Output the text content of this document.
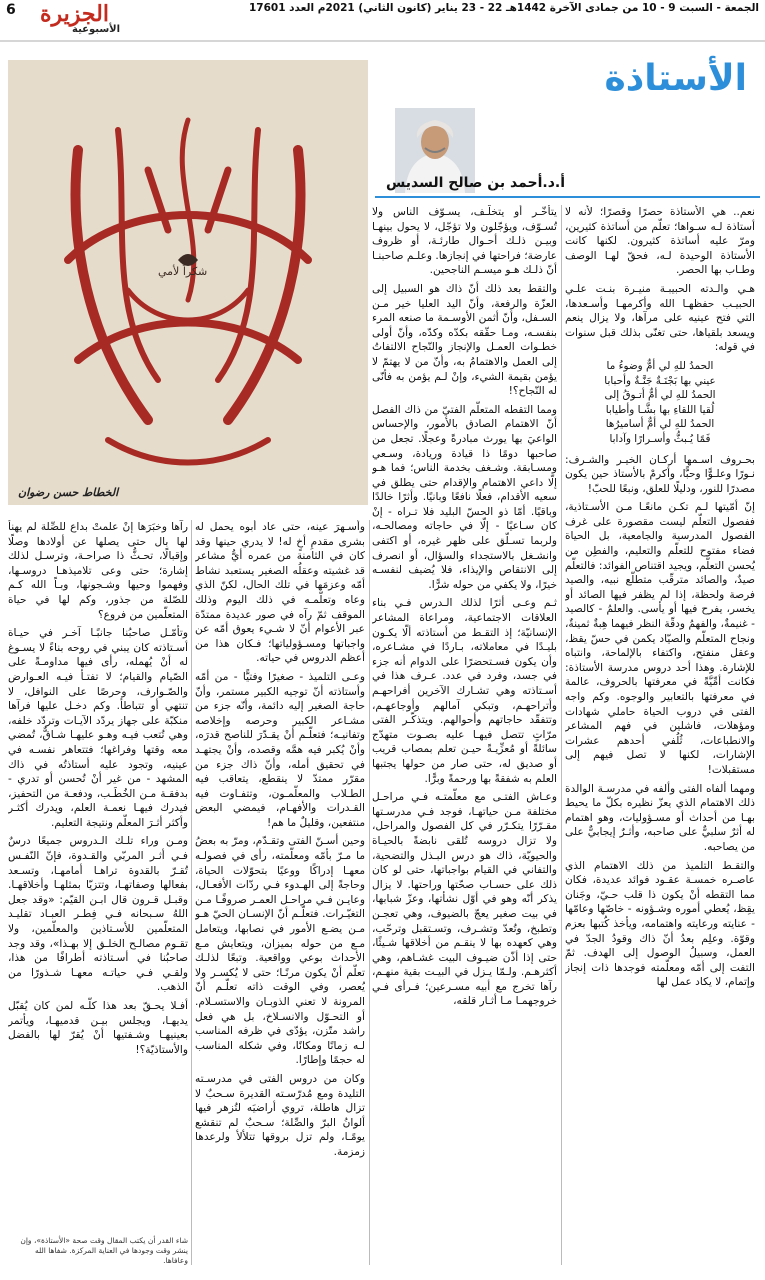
6 الجزيرة
الأسبوعية
الجمعة - السبت 9 - 10 من جمادى الآخرة 1442هـ 22 - 23 يناير (كانون الثاني) 2021م العدد 17601
شكراً لأمي
الخطاط حسن رضوان
الأستاذة
أ.د.أحمد بن صالح السديس

نعم.. هي الأستاذة حصرًا وقصرًا؛ لأنه لا أستاذة لـه سـواها؛ تعلّم من أساتذة كثيرين، ومرّ عليه أساتذة كثيرون. لكنها كانت الأستاذة الوحيدة لـه، فحقّ لهـا الوصف وطـاب بها الحصر.

هـي والـدته الحبيبـة منيـرة بنـت علـي الحبيـب حفظهـا الله وأكرمهـا وأسـعدها، التي فتح عينيه على مرآها، ولا يزال ينعم ويسعد بلقياها، حتى تغنّى بذلك قبل سنوات في قوله:

الحمدُ للهِ لي أمٌّ وضوءُ ما
عيني بها بَجْنَـةٌ جَنَّـةٌ وأحبابا
الحمدُ للهِ لي أمٌّ أتـوقُ إلى
لُقيا اللقاءِ بها بشَّـا وأطيابا
الحمدُ للهِ لي أمٌّ أساميرُها
فَمًا يُـبثُّ وأسـرارًا وآدابا

بحـروف اسـمها أركـان الخيـر والشـرف: نـورًا وعلـوًّا وحبًّا، وأكرمْ بالأستاذ حين يكون مصدرًا للنور، ودليلًا للعلق، ونبعًا للحبّ!

إنّ أمّيتها لـم تكـن مانعًـا مـن الأسـتاذية، ففصول التعلّم ليست مقصورة على غرف الفصول المدرسية والجامعية، بل الحياة فضاء مفتوح للتعلّم والتعليم، والفطِن من يُحسن التعلّم، ويجيد اقتناص الفوائد: فالتعلّم صيدٌ، والصائد مترقّب متطلّع نبيه، والصيد فرصة ولحظة، إذا لم يظفر فيها الصائد أو يخسر، يفرح فيها أو يأسى. والعلمُ - كالصيد - غنيمةٌ، والفهمُ ودقّة النظر فيهما هِبةٌ ثمينةٌ، ونجاح المتعلّم والصيّاد يكمن في حسّ يقظ، وعقل منفتح، واكتفاء بالإلماحة، وانتباه للإشارة. وهذا أحد دروس مدرسة الأستاذة: فكانت أمِّيَّةً في معرفتها بالحروف، عالمة في معرفتها بالتعابير والوجوه. وكم واجه الفتى في دروب الحياة حاملي شهادات ومؤهلات، فاشلين في فهم المشاعر والانطباعات، ثُلُفي أحدهم عشرات الإشارات، لكنها لا تصل فيهم إلى مستقبلات!

ومهما ألفاه الفتى وألفه في مدرسـة الوالدة ذلك الاهتمام الذي يعزّ نظيره بكلّ ما يحيط بهـا من أحداث أو مسـؤوليات، وهو اهتمام له أثرٌ سلبيٌّ على صاحبه، وأثـرٌ إيجابيٌّ على من يصاحبه.

والتقـط التلميذ من ذلك الاهتمام الذي عاصـره خمسـة عقـود فوائد عديدة، فكان مما التقطه أنْ يكون ذا قلب حـيّ، وجَنان يقِظ، يُعطي أموره وشـؤونه - خاصّها وعامّها - عنايته ورعايته واهتمامه، ويأخذ كُتبها بعزم وقوّة. وعلِم بعدُ أنّ ذاك وقودُ الجدّ في العمل، وسبيلُ الوصول إلى الهدف. ثمّ التفت إلى أمّه ومعلّمته فوجدها ذات إنجاز وإتمام، لا يكاد عمل لها

يتأخّـر أو يتخلّـف، يسـوّف الناس ولا تُسـوّف، ويؤجّلون ولا تؤجّل، لا يحول بينهـا وبيـن ذلـك أحـوال طارئـة، أو ظروف عارضة؛ فراحتها في إنجازها. وعلـم صاحبنـا أنّ ذلـك هـو ميسـم الناجحين.

والتقط بعد ذلك أنّ ذاك هو السبيل إلى العزّة والرفعة، وأنّ اليد العليا خير مـن السـفل، وأنّ أثمن الأوسـمة ما صنعه المرء بنفسـه، ومـا حقّقه بكدّه وكدّه، وأنّ أولى خطـوات العمـل والإنجاز والنّجاح الالتفاتُ إلى العمل والاهتمامُ به، وأنّ من لا يهتمّ لا يؤمن بقيمة الشيء، وإنْ لـم يؤمن به فأنّى له النّجاح؟!

ومما التقطه المتعلّم الفتيّ من ذاك الفصل أنّ الاهتمام الصادق بالأمور، والإحساس الواعيَ بها يورث مبادرةً وعجلًا. تجعل من صاحبها دومًا ذا قيادة وريادة، وسـعي ومسـابقة. وشـغف بخدمة الناس؛ فما هـو إلّا داعي الاهتمام والإقدام حتى يطلق في سعيه الأقدام، فعلًا نافعًا وبانيًا. وأثرًا خالدًا وباقيًا. أمّا ذو الحسّ البليد فلا تـراه - إنْ كان سـاعيًا - إلّا في حاجاته ومصالحـه، ولربما تسـلّق على ظهر غيره، أو اكتفى وانشـغل بالاستجداء والسؤال، أو انصرف إلى الانتقاص والإيذاء، فلا يُضيف لنفسـه خيرًا، ولا يكفي من حوله شرًّا.

ثـم وعـى أثرًا لذلك الـدرس فـي بناء العلاقات الاجتماعية، ومراعاة المشاعر الإنسانيّة؛ إذ التقـط من أستاذته ألّا يكـون بليـدًا في معاملاته، بـاردًا في مشـاعره، وأن يكون فسـتحضرًا على الدوام أنه جزء في جسد، وفرد في عدد. عـرف هذا في أسـتاذته وهي تشـارك الآخرين أفراحهـم وأتراحهـم، وتبكي آمالهم وأوجاعهـم، وتتفقّد حاجاتهم وأحوالهم. ويتذكّـر الفتى مرّاتٍ تتصل فيهـا عليه بصـوت متهدّج سائلةً أو مُعزِّيـةً حيـن تعلم بمصاب قريب أو صديق له، حتى صار من حولها يجتبها العلم به شفقةً بها ورحمةً وبرًّا.

وعـاش الفتـى مع معلّمتـه فـي مراحـل مختلفة مـن حياتهـا، فوجد فـي مدرسـتها مقـرّرًا يتكـرّر في كل الفصول والمراحل، ولا تزال دروسه تُلقى نابضةً بالحيـاة والحيويّة، ذاك هو درس البـذل والتضحية، والتفاني في القيام بواجباتها، حتى لو كان ذلك على حسـاب صحّتها وراحتها. لا يزال يذكر أنّه وهو في أوّل نشأتها، وعزّ شبابها، في بيت صغير يعجّ بالضيوف، وهي تعجـن وتطبخ، وتُعدّ وتشـرف، وتسـتقبل وترحّب، وهي كعهده بها لا ينقـم من أخلاقها شـيئًا، حتى إذا أذّن ضيـوف البيت غشـاهم، وهي أكثرهـم. ولـمّا يـزل في البيـت بقية منهـم، رآها تخرج مع أبيه مسـرعين؛ فـرأى فـي خروجهمـا مـا أثـار قلقه،

وأسـهرَ عينه، حتى عاد أبوه يحمل له بشرى مقدمِ أخٍ له! لا يدري حينها وقد كان في الثامنة من عمره أيُّ مشاعر قد غشيته وعقلُه الصغير يستعبد نشاط أمّه وعزمَها في تلك الحال، لكنّ الذي وعاه وتعلّمـه في ذلك اليوم وذلك الموقف ثمّ رآه في صور عديدة ممتدّة عبر الأعوام أنّ لا شـيء يعوق أمّه عن واجباتها ومسـؤولياتها؛ فـكان هذا من أعظم الدروس في حياته.

وعـى التلميذ - صغيرًا وفتيًّا - من أمّه وأستاذته أنّ توجيه الكبير مستمر، وأنّ حاجة الصغير إليه دائمة، وأنّه جزء من مشـاعر الكبير وحرصه وإخلاصه وتفانيـه؛ فتعلّـم أنْ يقـدّرَ للناصح قدرَه، وأنْ يُكبر فيه همَّه وقصده، وأنْ يجتهـد في تحقيق أمله، وأنّ ذاك جزء من مقرّر ممتدّ لا ينقطع، يتعاقب فيه الطـلاب والمعلّمـون، وتتفـاوت فيه القـدرات والأفهـام، فيمضي البعض منتفعين، وقليلٌ ما هم!

وحين أسـنّ الفتى وتقـدّم، ومرّ به بعضُ ما مـرّ بأمّه ومعلّمته، رأى في فصولـه معهـا إدراكًا ووعيًا بتحوّلات الحياة، وحاجةً إلى الهـدوء فـي ردّات الأفعـال، وعايـن فـي مراحـل العمـر صروفًـا مـن التغيّـرات. فتعلّـم أنّ الإنسـان الحيّ هـو مـن يضـع الأمور في نصابها، ويتعامل مـع من حوله بميزان، ويتعايش مـع الأحداث بوعي وواقعية. وتبعًا لذلـك تعلّم أنْ يكون مرنًـا؛ حتى لا يُكسـر ولا يُعصر، وفي الوقت ذاته تعلّـم أنّ المرونة لا تعني الذوبـان والاستسـلام. أو التحـوّل والانسـلاخ، بل هي فعل راشد متّزن، يؤدّى في ظرفه المناسب لـه زمانًا ومكانًا، وفي شكله المناسب له حجمًا وإطارًا.

وكان من دروس الفتى في مدرسـته التليدة ومع مُدرّسـته القديرة سـحبٌ لا تزال هاطلة، تروي أراضيَه لتُزهر فيها ألوانُ البرّ والصِّلة؛ سـحبٌ لم تنقشع يومًـا، ولم تزل بروقها تتلألأ ولرعدها زمزمة.

رآها وخبَرَها إنْ علمتْ بداع للصِّلة لم يهنأ لها بال حتى يصلها عن أولادها وصلًا وإقبالًا، تحـثُّ ذا صراحـة، وترسـل لذلك إشارة؛ حتى وعى تلاميذهـا دروسـها، وفهموا وحيها وشـجونها، وبـاً الله كـم للصّلة من جذور، وكم لها في حياة المتعلّمين من فروع؟

وتأمّـل صاحبُنا جانبًـا آخـر في حيـاة أسـتاذته كان يبني في روحه بناءً لا يسـوغ له أنْ يُهمله، رأى فيها مداومـةً على الصّيام والقيام؛ لا تفتـأ فيـه العـوارض والصّـوارف، وحرصًا على النوافل، لا تنتهي أو تتباطأ. وكم دخـل عليها فرآها منكبّة على جهاز يردّد الآيـات وتردّد خلفه، وهي تُتعب فيـه وهـو عليهـا شـاقٌّ، تُمضي معه وقتها وفراغها؛ فتتعاهر نفسـه في عينيه، وتجود عليه أستاذتُه في ذاك المشهد - من غير أنْ تُحسن أو تدري - بدفقـة مـن الخُطَـب، ودفعـة من التحفيز، فيدرك فيهـا نعمـة العلم، ويدرك أكثـر وأكثر أثـرَ المعلّم ونتيجة التعليم.

ومـن وراء تلـك الـدروس جميعًا درسٌ فـي أثـر المربّي والقـدوة، فإنّ النّفـس تُقـرّ بالقدوة تراهـا أمامهـا، وتسـعد بفعالها وصفاتهـا، وتتزيّا بمثلهـا وأخلاقهـا. وقبـل قـرون قال ابـن القيّم: «وقد جعل اللهُ سـبحانه فـي فِطـر العبـاد تقليـد المتعلّمين للأسـتاذين والمعلّمين، ولا تقـوم مصالـح الخلـق إلا بهـذا»، وقد وجد صاحبُنا في أسـتاذته أطرافًا من هذا، ولقـي فـي حياتـه معهـا شـذورًا من الذهب.

أفـلا يحـقّ بعد هذا كلّـه لمن كان يُقبّل يديهـا، ويجلس بيـن قدميهـا، ويأتمر بعينيهـا وشـفتيها أنْ يُقرّ لها بالفضل والأستاذيّة؟!

شاء القدر أن يكتب المقال وقت صحة «الأستاذة»، وإن ينشر وقت وجودها في العناية المركزة. شفاها الله وعافاها.
